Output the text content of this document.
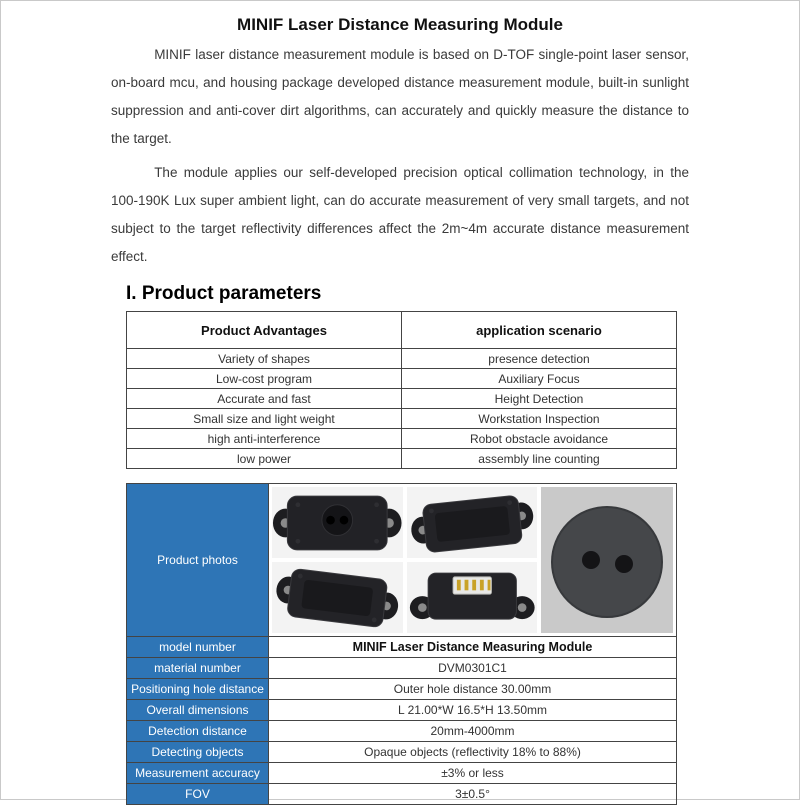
MINIF Laser Distance Measuring Module

MINIF laser distance measurement module is based on D-TOF single-point laser sensor, on-board mcu, and housing package developed distance measurement module, built-in sunlight suppression and anti-cover dirt algorithms, can accurately and quickly measure the distance to the target.

The module applies our self-developed precision optical collimation technology, in the 100-190K Lux super ambient light, can do accurate measurement of very small targets, and not subject to the target reflectivity differences affect the 2m~4m accurate distance measurement effect.

I. Product parameters
Product Advantages	application scenario
Variety of shapes	presence detection
Low-cost program	Auxiliary Focus
Accurate and fast	Height Detection
Small size and light weight	Workstation Inspection
high anti-interference	Robot obstacle avoidance
low power	assembly line counting
Product photos	

model number	MINIF Laser Distance Measuring Module
material number	DVM0301C1
Positioning hole distance	Outer hole distance 30.00mm
Overall dimensions	L 21.00*W 16.5*H 13.50mm
Detection distance	20mm-4000mm
Detecting objects	Opaque objects (reflectivity 18% to 88%)
Measurement accuracy	±3% or less
FOV	3±0.5°
